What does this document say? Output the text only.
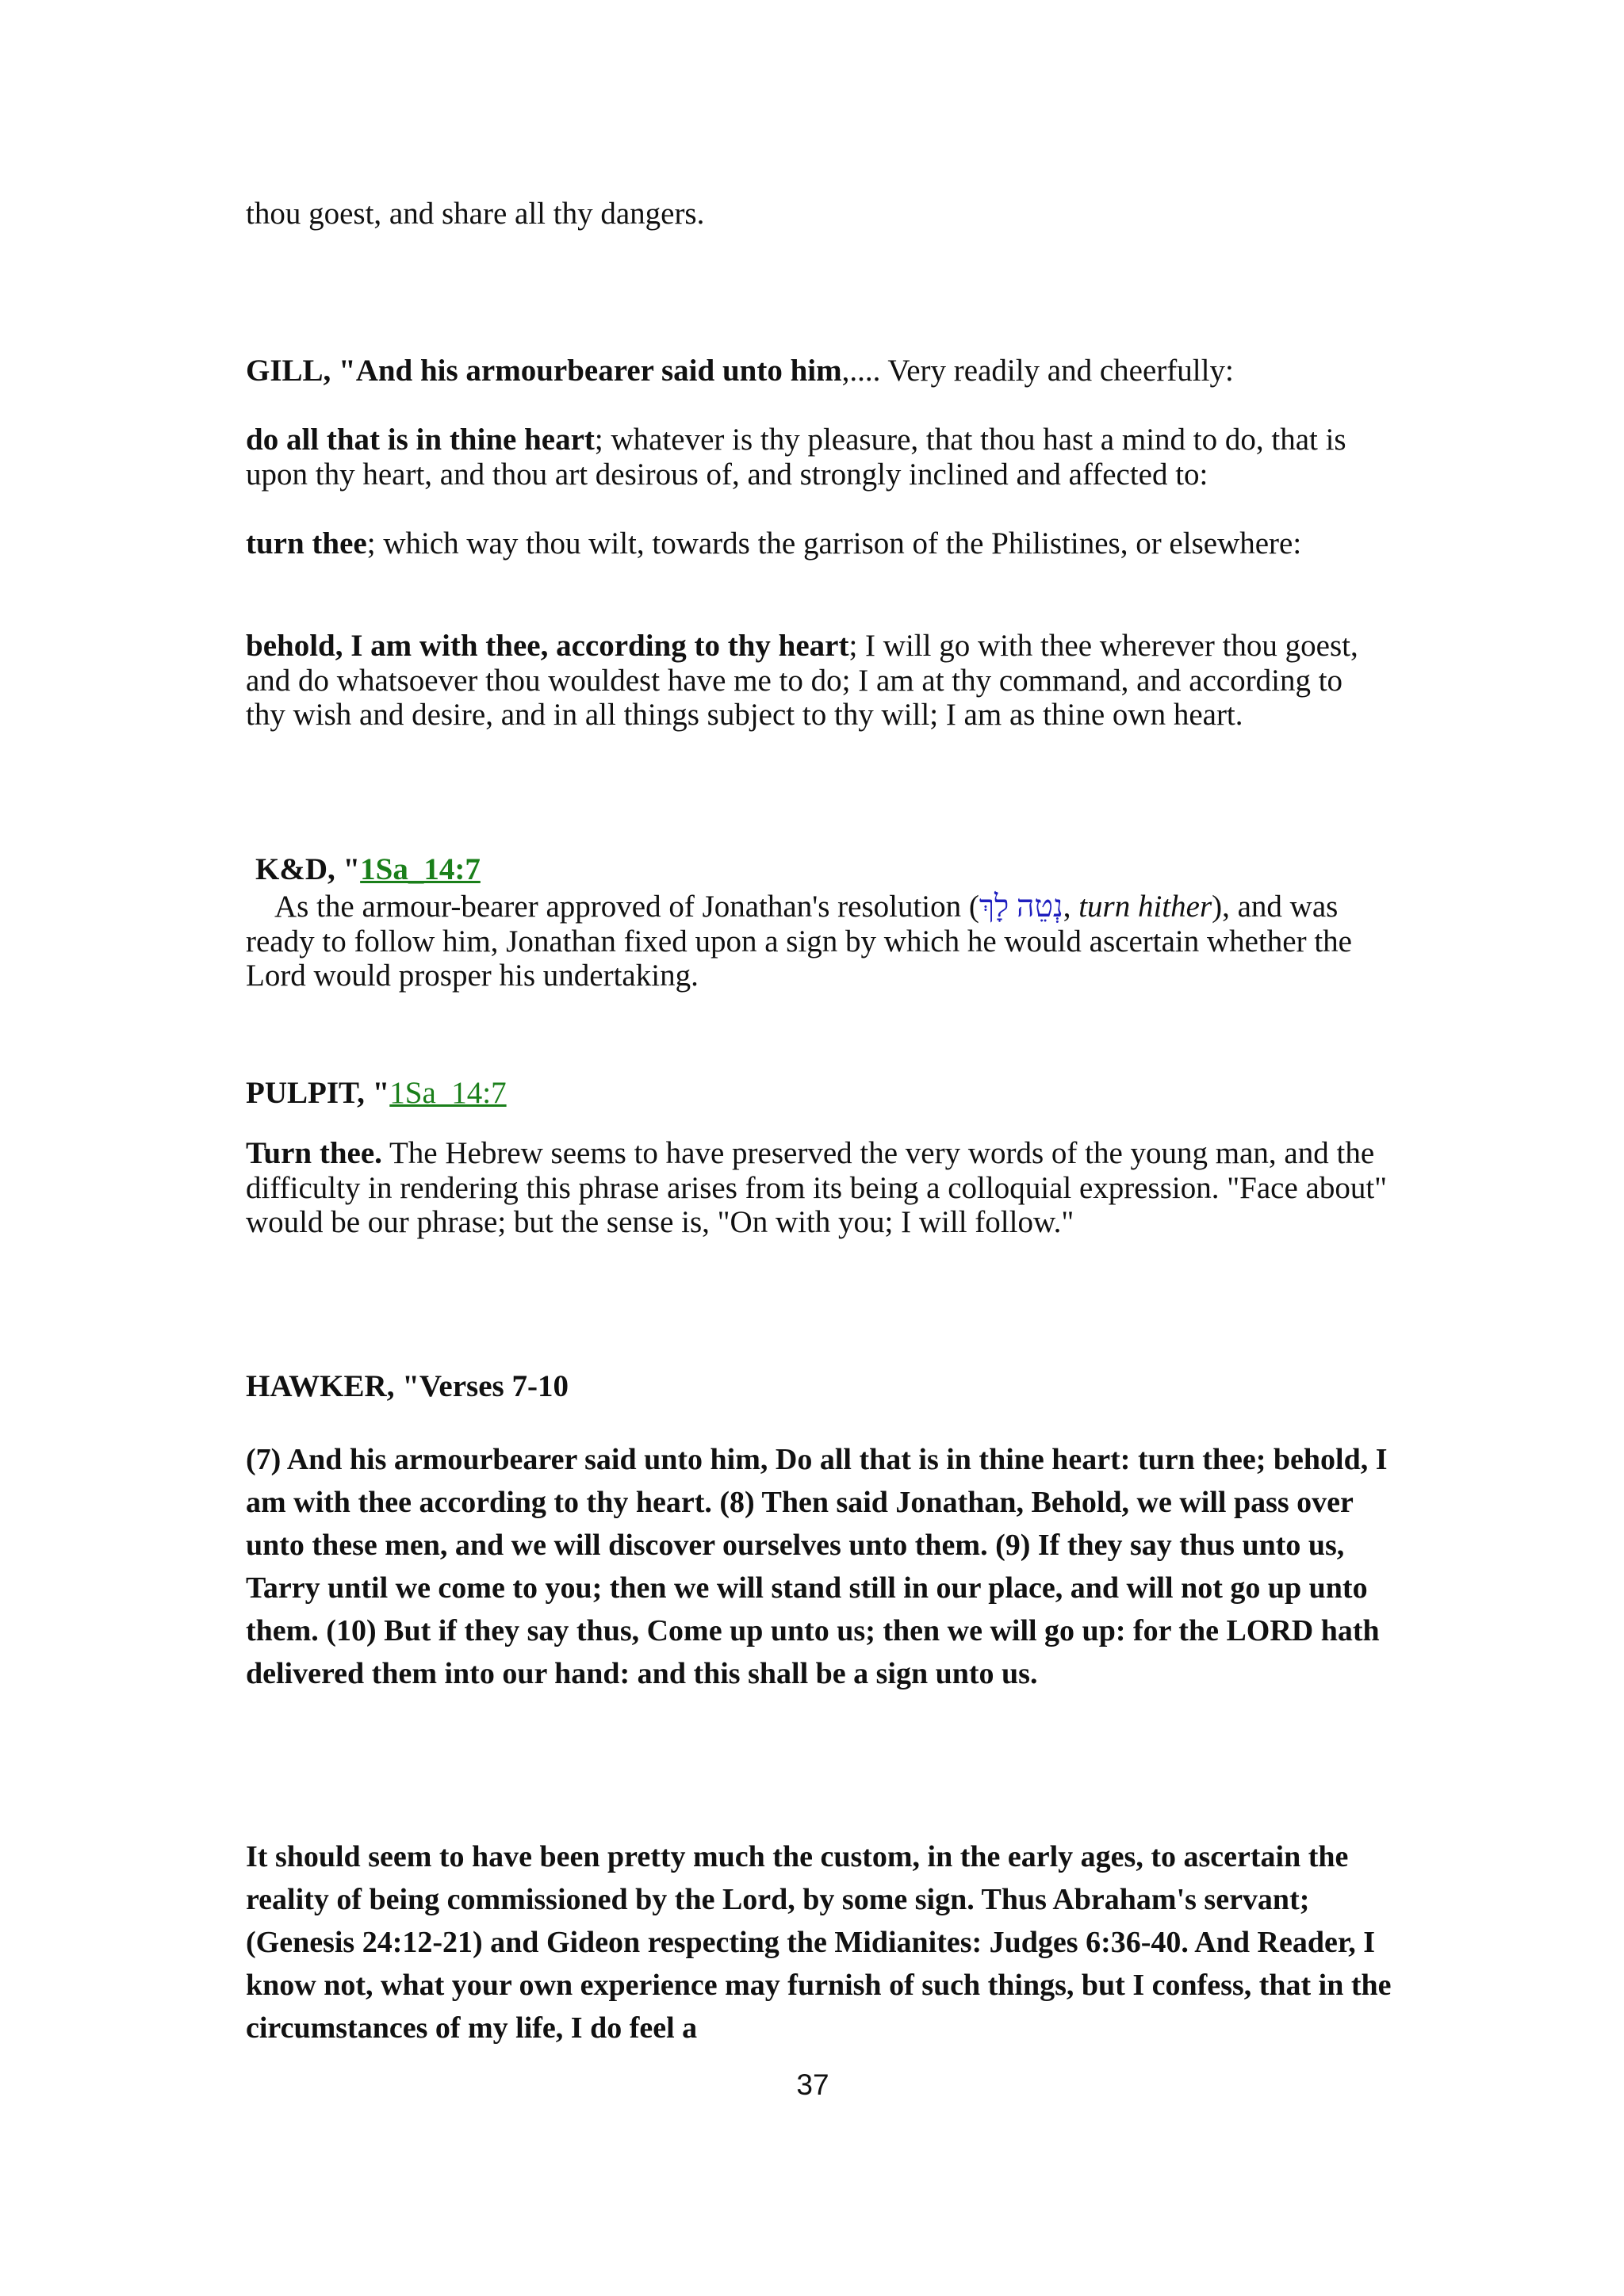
thou goest, and share all thy dangers.

GILL, "And his armourbearer said unto him,.... Very readily and cheerfully:

do all that is in thine heart; whatever is thy pleasure, that thou hast a mind to do, that is upon thy heart, and thou art desirous of, and strongly inclined and affected to:

turn thee; which way thou wilt, towards the garrison of the Philistines, or elsewhere:

behold, I am with thee, according to thy heart; I will go with thee wherever thou goest, and do whatsoever thou wouldest have me to do; I am at thy command, and according to thy wish and desire, and in all things subject to thy will; I am as thine own heart.

K&D, "1Sa_14:7

As the armour-bearer approved of Jonathan's resolution (נְטֵה לָךְ, turn hither), and was ready to follow him, Jonathan fixed upon a sign by which he would ascertain whether the Lord would prosper his undertaking.

PULPIT, "1Sa_14:7

Turn thee. The Hebrew seems to have preserved the very words of the young man, and the difficulty in rendering this phrase arises from its being a colloquial expression. "Face about" would be our phrase; but the sense is, "On with you; I will follow."

HAWKER, "Verses 7-10

(7) And his armourbearer said unto him, Do all that is in thine heart: turn thee; behold, I am with thee according to thy heart. (8) Then said Jonathan, Behold, we will pass over unto these men, and we will discover ourselves unto them. (9) If they say thus unto us, Tarry until we come to you; then we will stand still in our place, and will not go up unto them. (10) But if they say thus, Come up unto us; then we will go up: for the LORD hath delivered them into our hand: and this shall be a sign unto us.

It should seem to have been pretty much the custom, in the early ages, to ascertain the reality of being commissioned by the Lord, by some sign. Thus Abraham's servant; (Genesis 24:12-21) and Gideon respecting the Midianites: Judges 6:36-40. And Reader, I know not, what your own experience may furnish of such things, but I confess, that in the circumstances of my life, I do feel a

37
